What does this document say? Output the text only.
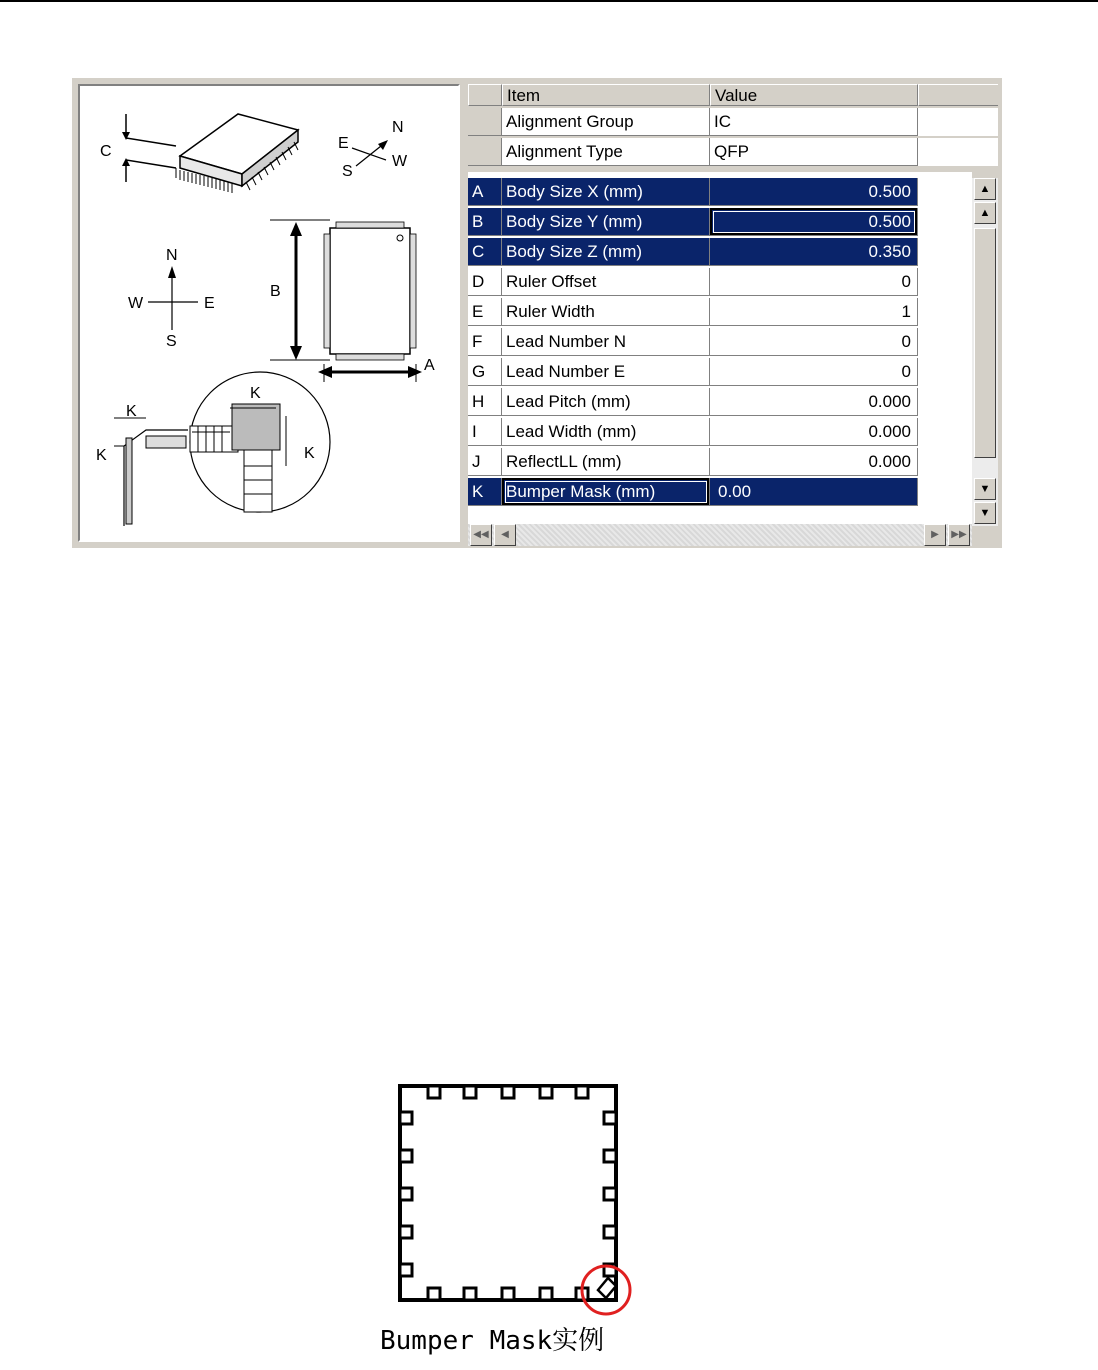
C
N
E
S
W
N
E
S
W
B
A
K
K
K
K
Item	Value
Alignment Group	IC
Alignment Type	QFP
A	Body Size X (mm)	0.500
B	Body Size Y (mm)	0.500
C	Body Size Z (mm)	0.350
D	Ruler Offset	0
E	Ruler Width	1
F	Lead Number N	0
G	Lead Number E	0
H	Lead Pitch (mm)	0.000
I	Lead Width (mm)	0.000
J	ReflectLL (mm)	0.000
K	Bumper Mask (mm)	0.00
▲
▲
▼
▼
◀◀	◀	▶	▶▶
Bumper Mask实例
